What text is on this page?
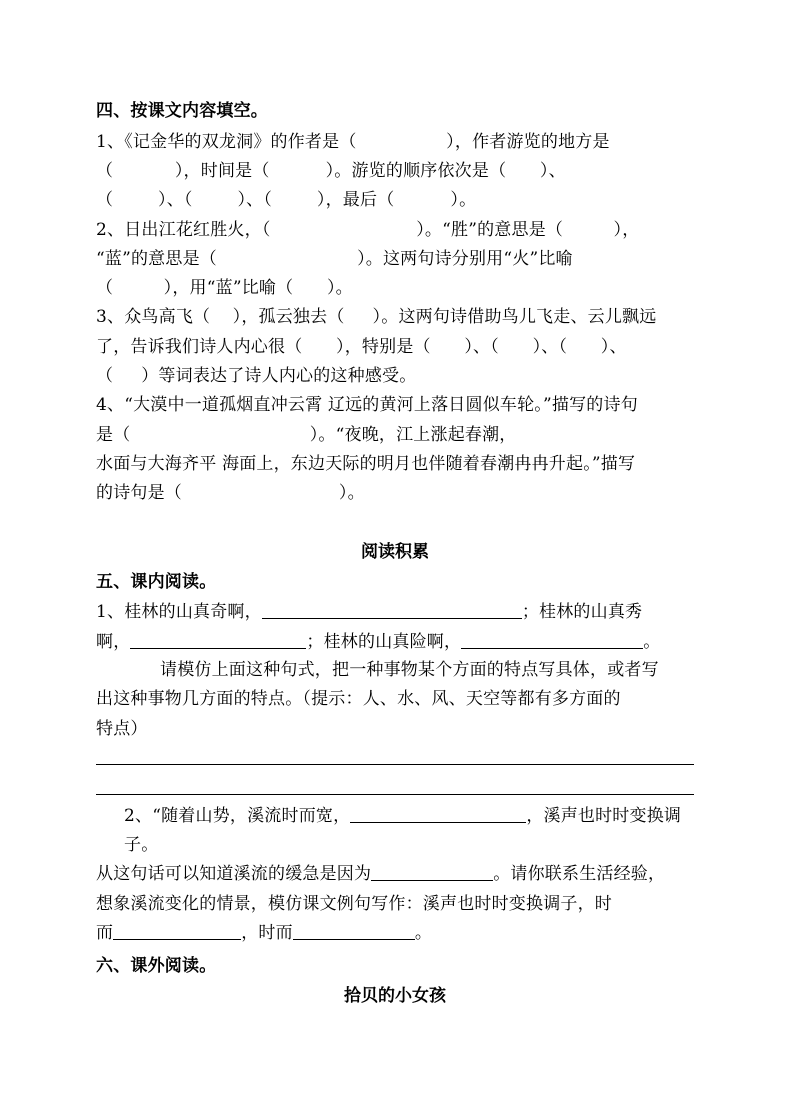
四、按课文内容填空。
1、《记金华的双龙洞》的作者是（                ），作者游览的地方是
（           ），时间是（          ）。游览的顺序依次是（      ）、
（        ）、（        ）、（        ），最后（          ）。
2、日出江花红胜火，（                          ）。“胜”的意思是（         ），
“蓝”的意思是（                         ）。这两句诗分别用“火”比喻
（         ），用“蓝”比喻（      ）。
3、众鸟高飞（    ），孤云独去（     ）。这两句诗借助鸟儿飞走、云儿飘远
了，告诉我们诗人内心很（      ），特别是（      ）、（      ）、（      ）、
（     ）等词表达了诗人内心的这种感受。
4、“大漠中一道孤烟直冲云霄 辽远的黄河上落日圆似车轮。”描写的诗句
是（                                ）。“夜晚，江上涨起春潮，
水面与大海齐平 海面上，东边天际的明月也伴随着春潮冉冉升起。”描写
的诗句是（                            ）。
阅读积累
五、课内阅读。
1、桂林的山真奇啊，	；桂林的山真秀
啊，	；桂林的山真险啊，	。
请模仿上面这种句式，把一种事物某个方面的特点写具体，或者写
出这种事物几方面的特点。（提示：人、水、风、天空等都有多方面的
特点）
2、“随着山势，溪流时而宽，	，溪声也时时变换调
子。
从这句话可以知道溪流的缓急是因为	。请你联系生活经验，
想象溪流变化的情景，模仿课文例句写作：溪声也时时变换调子，时
而	，时而	。
六、课外阅读。
拾贝的小女孩
